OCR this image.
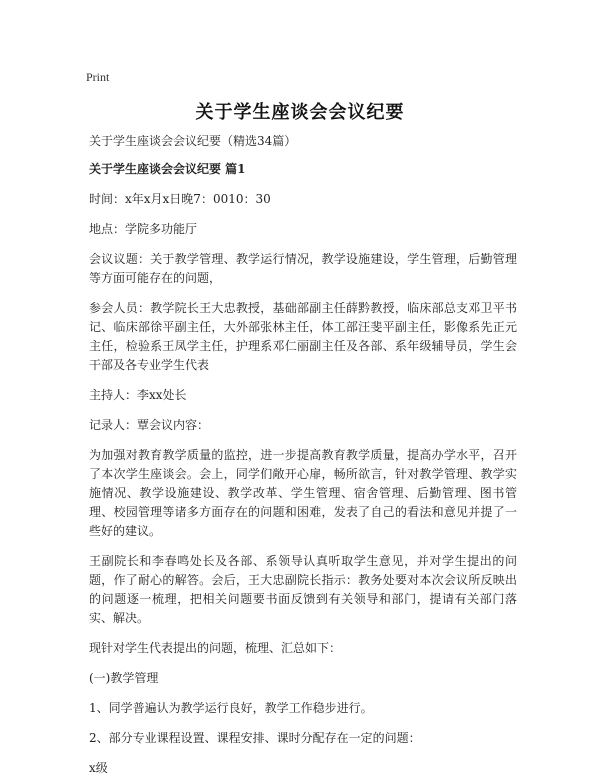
Print
关于学生座谈会会议纪要

关于学生座谈会会议纪要（精选34篇）

关于学生座谈会会议纪要 篇1

时间：x年x月x日晚7：0010：30

地点：学院多功能厅

会议议题：关于教学管理、教学运行情况，教学设施建设，学生管理，后勤管理等方面可能存在的问题，

参会人员：教学院长王大忠教授，基础部副主任薛黔教授，临床部总支邓卫平书记、临床部徐平副主任，大外部张林主任，体工部汪斐平副主任，影像系先正元主任，检验系王凤学主任，护理系邓仁丽副主任及各部、系年级辅导员，学生会干部及各专业学生代表

主持人：李xx处长

记录人：覃会议内容：

为加强对教育教学质量的监控，进一步提高教育教学质量，提高办学水平，召开了本次学生座谈会。会上，同学们敞开心扉，畅所欲言，针对教学管理、教学实施情况、教学设施建设、教学改革、学生管理、宿舍管理、后勤管理、图书管理、校园管理等诸多方面存在的问题和困难，发表了自己的看法和意见并提了一些好的建议。

王副院长和李春鸣处长及各部、系领导认真听取学生意见，并对学生提出的问题，作了耐心的解答。会后，王大忠副院长指示：教务处要对本次会议所反映出的问题逐一梳理，把相关问题要书面反馈到有关领导和部门，提请有关部门落实、解决。

现针对学生代表提出的问题，梳理、汇总如下：

(一)教学管理

1、同学普遍认为教学运行良好，教学工作稳步进行。

2、部分专业课程设置、课程安排、课时分配存在一定的问题：

x级
